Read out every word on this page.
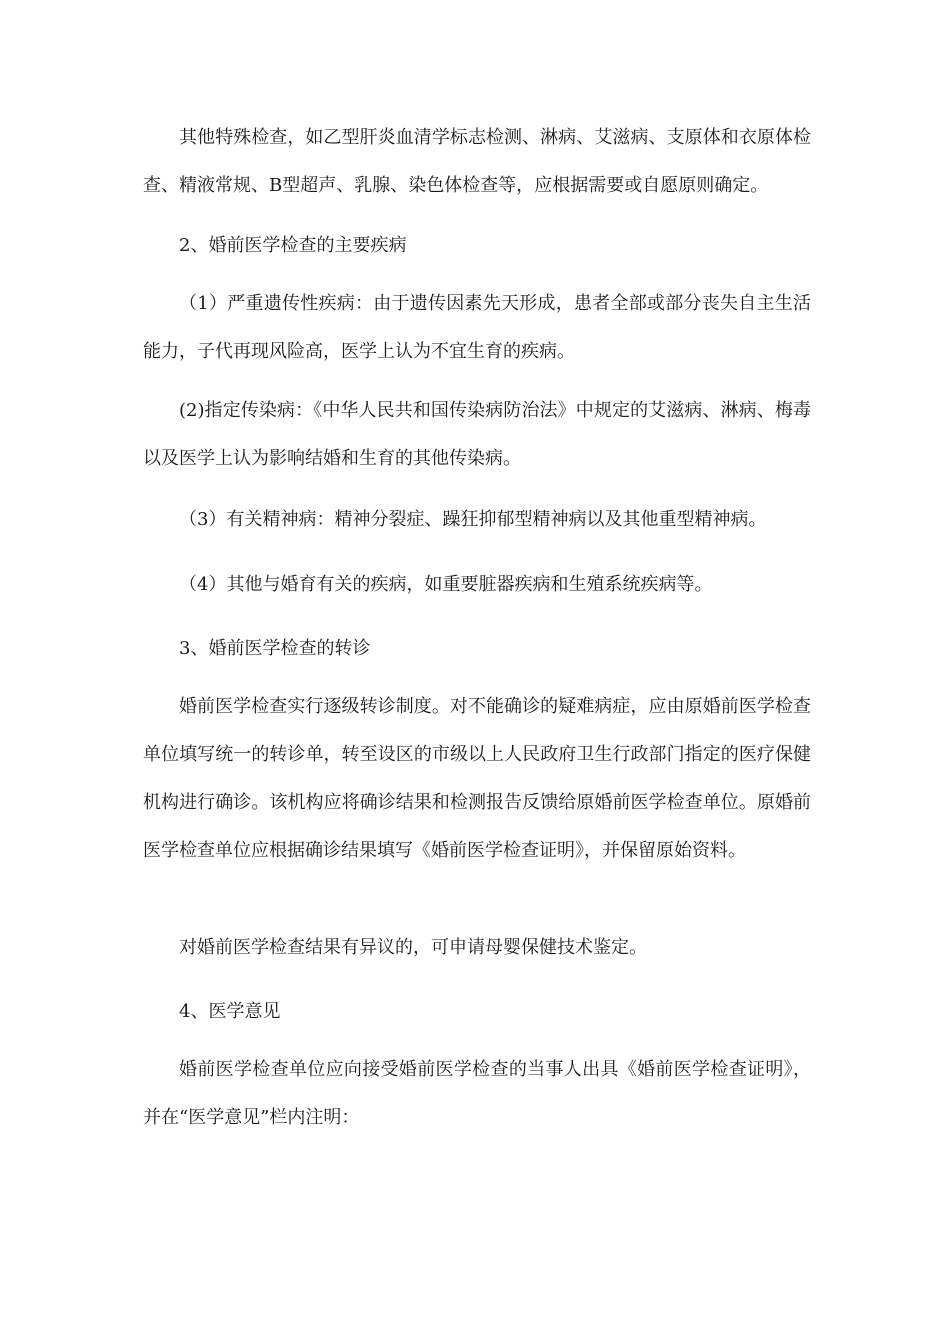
其他特殊检查，如乙型肝炎血清学标志检测、淋病、艾滋病、支原体和衣原体检查、精液常规、B型超声、乳腺、染色体检查等，应根据需要或自愿原则确定。

2、婚前医学检查的主要疾病

（1）严重遗传性疾病：由于遗传因素先天形成，患者全部或部分丧失自主生活能力，子代再现风险高，医学上认为不宜生育的疾病。

(2)指定传染病：《中华人民共和国传染病防治法》中规定的艾滋病、淋病、梅毒以及医学上认为影响结婚和生育的其他传染病。

（3）有关精神病：精神分裂症、躁狂抑郁型精神病以及其他重型精神病。

（4）其他与婚育有关的疾病，如重要脏器疾病和生殖系统疾病等。

3、婚前医学检查的转诊

婚前医学检查实行逐级转诊制度。对不能确诊的疑难病症，应由原婚前医学检查单位填写统一的转诊单，转至设区的市级以上人民政府卫生行政部门指定的医疗保健机构进行确诊。该机构应将确诊结果和检测报告反馈给原婚前医学检查单位。原婚前医学检查单位应根据确诊结果填写《婚前医学检查证明》，并保留原始资料。

对婚前医学检查结果有异议的，可申请母婴保健技术鉴定。

4、医学意见

婚前医学检查单位应向接受婚前医学检查的当事人出具《婚前医学检查证明》，并在“医学意见”栏内注明：
